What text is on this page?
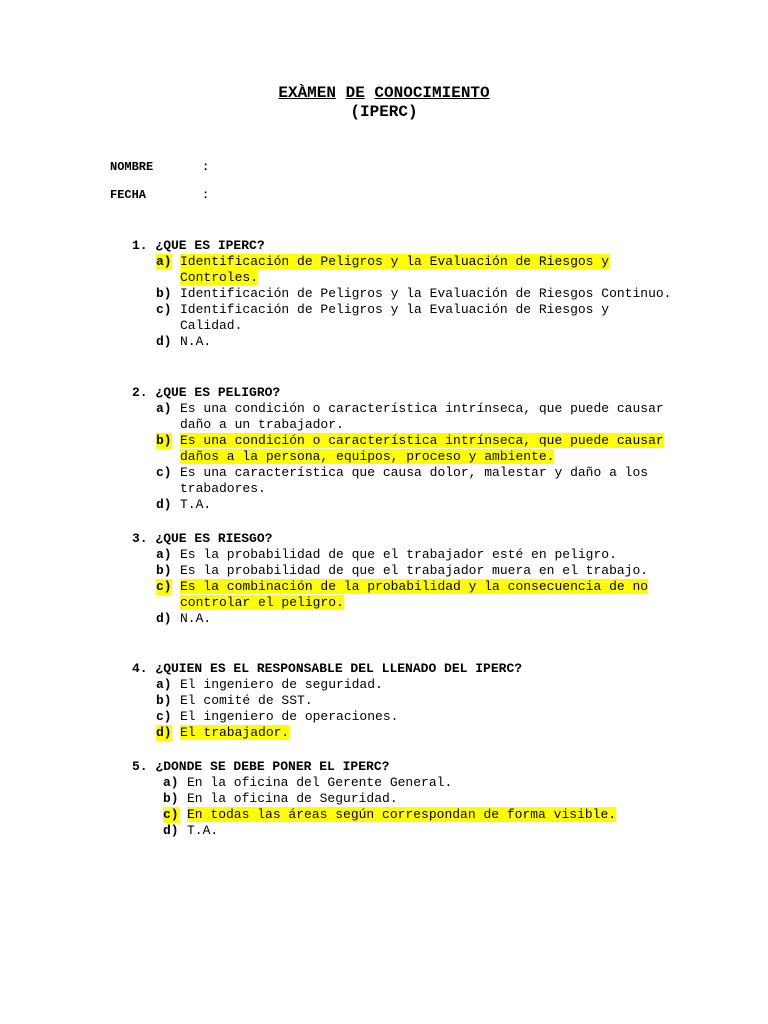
EXÀMEN DE CONOCIMIENTO
(IPERC)
NOMBRE	:
FECHA	:
1. ¿QUE ES IPERC?
a) Identificación de Peligros y la Evaluación de Riesgos y Controles.
b) Identificación de Peligros y la Evaluación de Riesgos Continuo.
c) Identificación de Peligros y la Evaluación de Riesgos y Calidad.
d) N.A.
2. ¿QUE ES PELIGRO?
a) Es una condición o característica intrínseca, que puede causar daño a un trabajador.
b) Es una condición o característica intrínseca, que puede causar daños a la persona, equipos, proceso y ambiente.
c) Es una característica que causa dolor, malestar y daño a los trabadores.
d) T.A.
3. ¿QUE ES RIESGO?
a) Es la probabilidad de que el trabajador esté en peligro.
b) Es la probabilidad de que el trabajador muera en el trabajo.
c) Es la combinación de la probabilidad y la consecuencia de no controlar el peligro.
d) N.A.
4. ¿QUIEN ES EL RESPONSABLE DEL LLENADO DEL IPERC?
a) El ingeniero de seguridad.
b) El comité de SST.
c) El ingeniero de operaciones.
d) El trabajador.
5. ¿DONDE SE DEBE PONER EL IPERC?
a) En la oficina del Gerente General.
b) En la oficina de Seguridad.
c) En todas las áreas según correspondan de forma visible.
d) T.A.
